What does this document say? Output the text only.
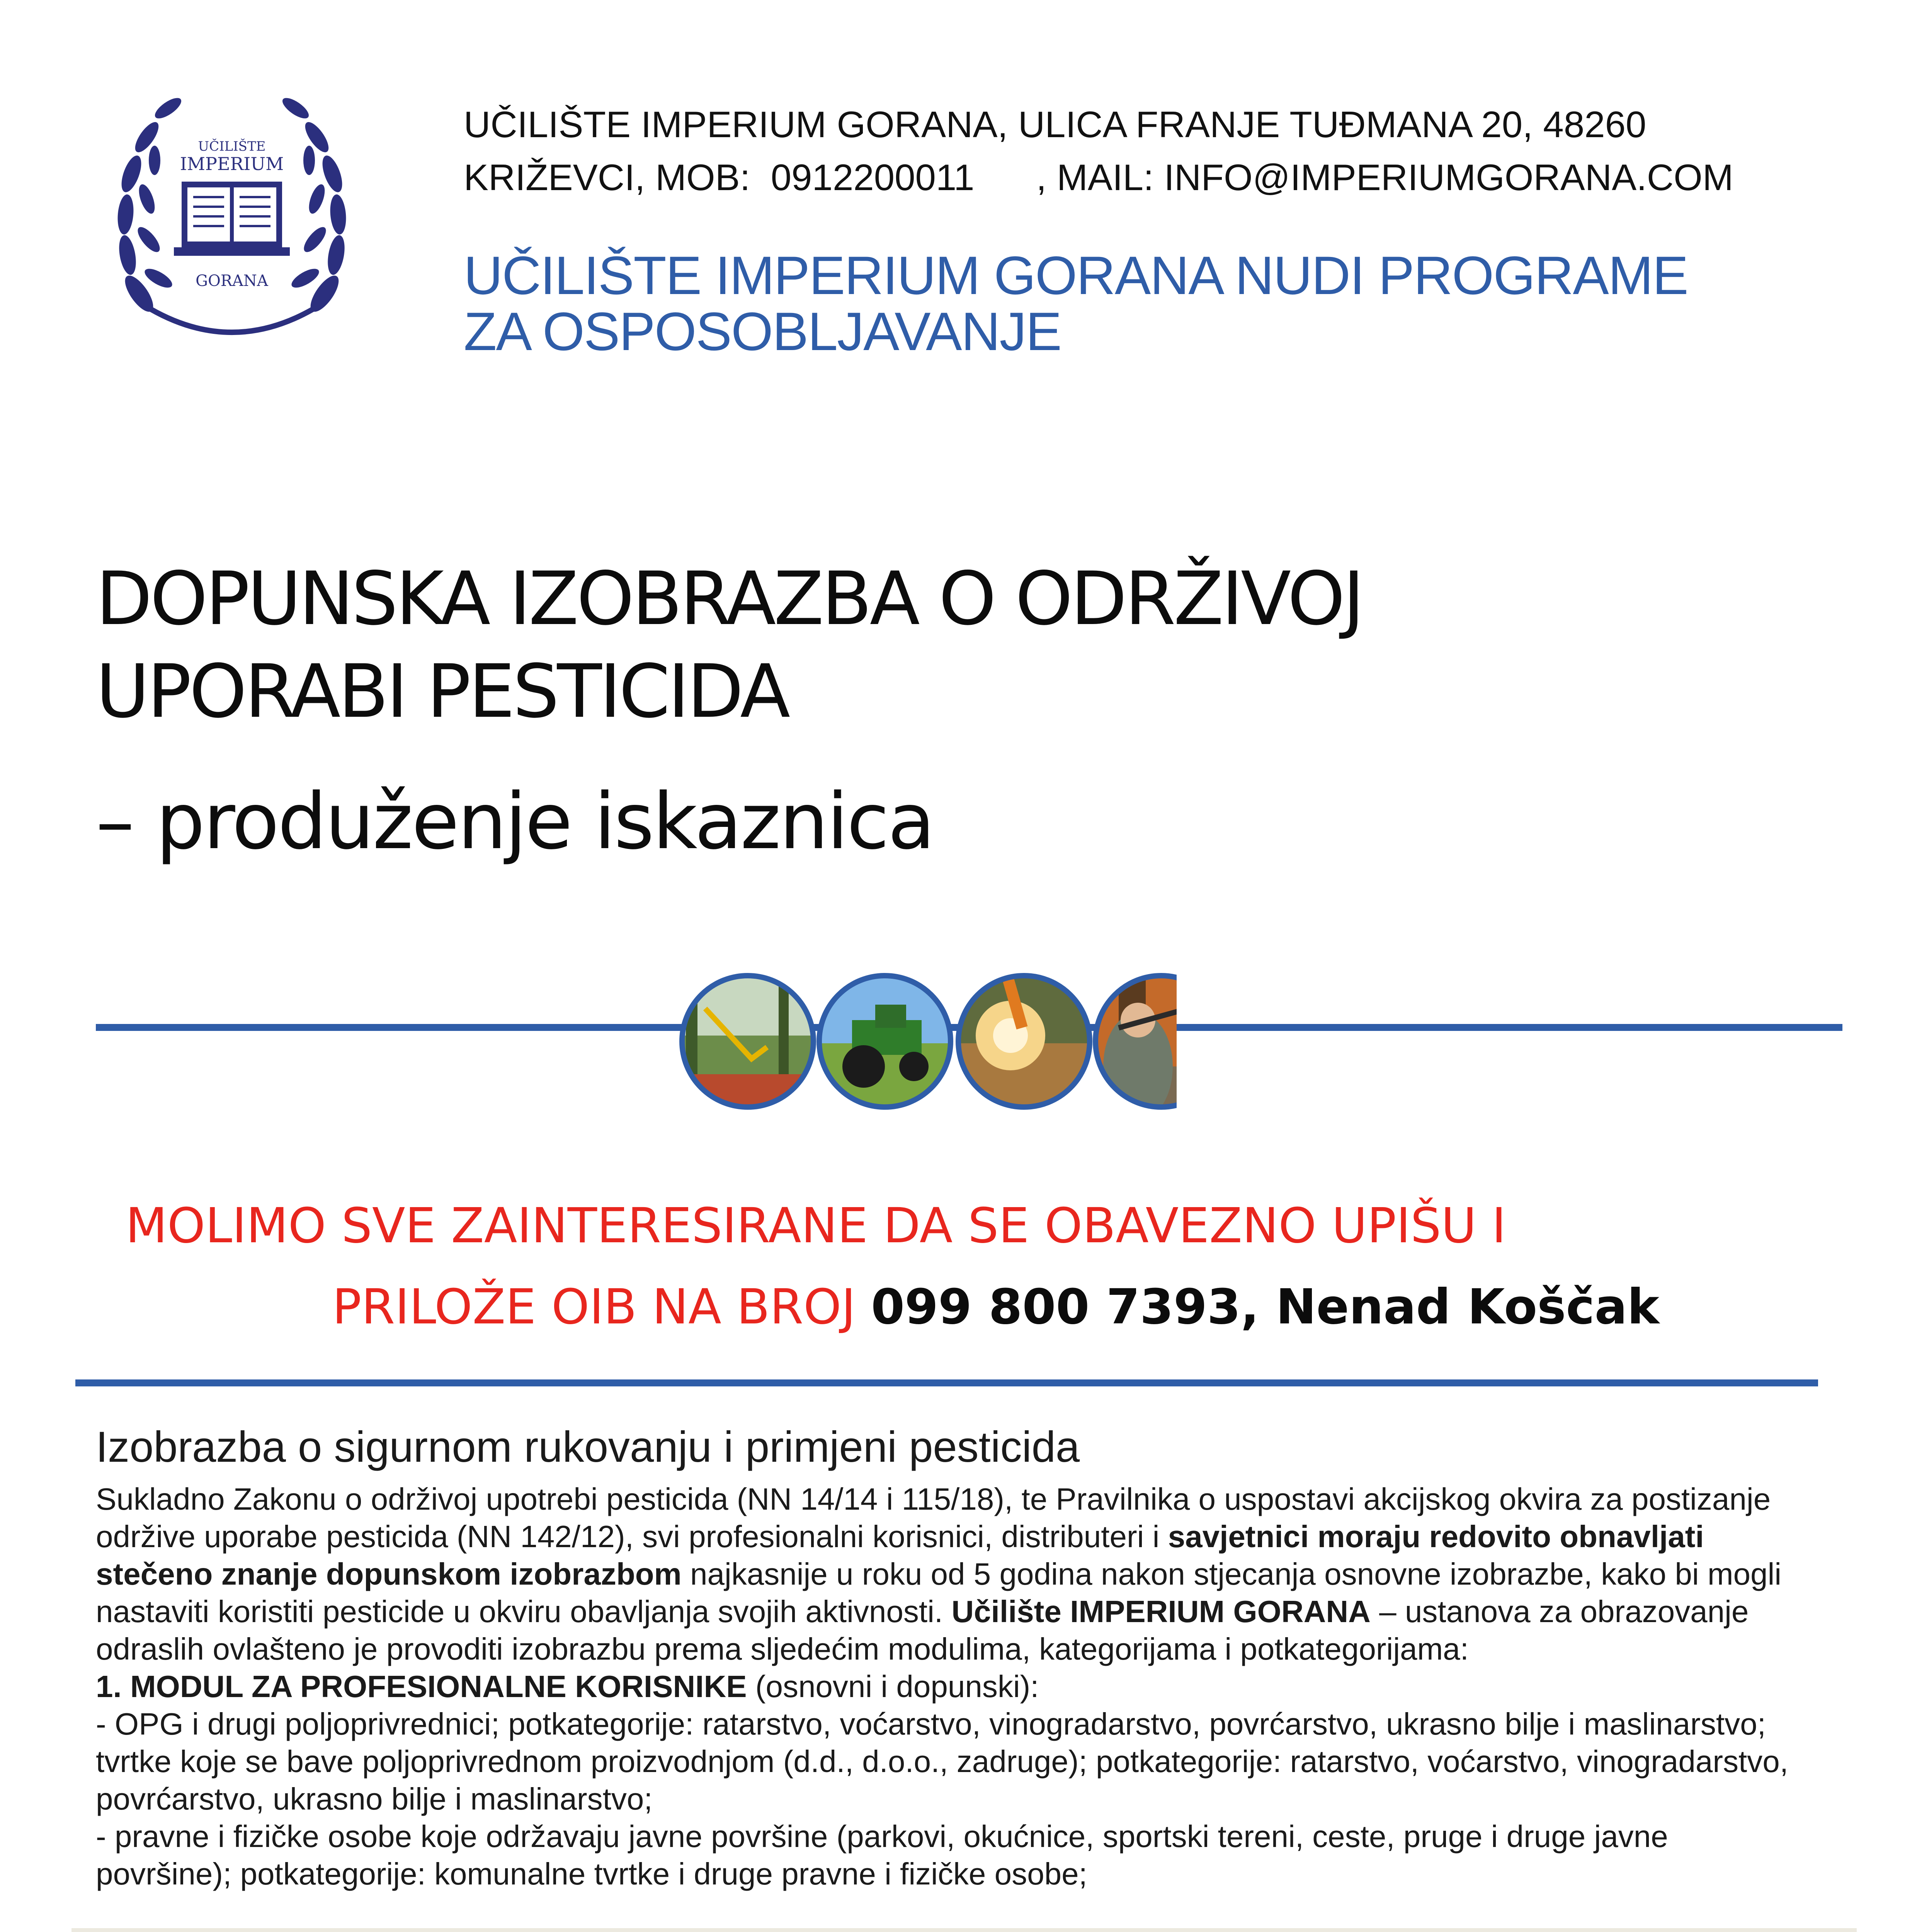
UČILIŠTE
IMPERIUM
GORANA
UČILIŠTE IMPERIUM GORANA, ULICA FRANJE TUĐMANA 20, 48260
KRIŽEVCI, MOB:  0912200011 , MAIL: INFO@IMPERIUMGORANA.COM
UČILIŠTE IMPERIUM GORANA NUDI PROGRAME
ZA OSPOSOBLJAVANJE
DOPUNSKA IZOBRAZBA O ODRŽIVOJ
UPORABI PESTICIDA
– produženje iskaznica
MOLIMO SVE ZAINTERESIRANE DA SE OBAVEZNO UPIŠU I
PRILOŽE OIB NA BROJ 099 800 7393, Nenad Koščak
Izobrazba o sigurnom rukovanju i primjeni pesticida
Sukladno Zakonu o održivoj upotrebi pesticida (NN 14/14 i 115/18), te Pravilnika o uspostavi akcijskog okvira za postizanje održive uporabe pesticida (NN 142/12), svi profesionalni korisnici, distributeri i savjetnici moraju redovito obnavljati stečeno znanje dopunskom izobrazbom najkasnije u roku od 5 godina nakon stjecanja osnovne izobrazbe, kako bi mogli nastaviti koristiti pesticide u okviru obavljanja svojih aktivnosti. Učilište IMPERIUM GORANA – ustanova za obrazovanje odraslih ovlašteno je provoditi izobrazbu prema sljedećim modulima, kategorijama i potkategorijama:
1. MODUL ZA PROFESIONALNE KORISNIKE (osnovni i dopunski):
- OPG i drugi poljoprivrednici; potkategorije: ratarstvo, voćarstvo, vinogradarstvo, povrćarstvo, ukrasno bilje i maslinarstvo; tvrtke koje se bave poljoprivrednom proizvodnjom (d.d., d.o.o., zadruge); potkategorije: ratarstvo, voćarstvo, vinogradarstvo, povrćarstvo, ukrasno bilje i maslinarstvo;
- pravne i fizičke osobe koje održavaju javne površine (parkovi, okućnice, sportski tereni, ceste, pruge i druge javne površine); potkategorije: komunalne tvrtke i druge pravne i fizičke osobe;
